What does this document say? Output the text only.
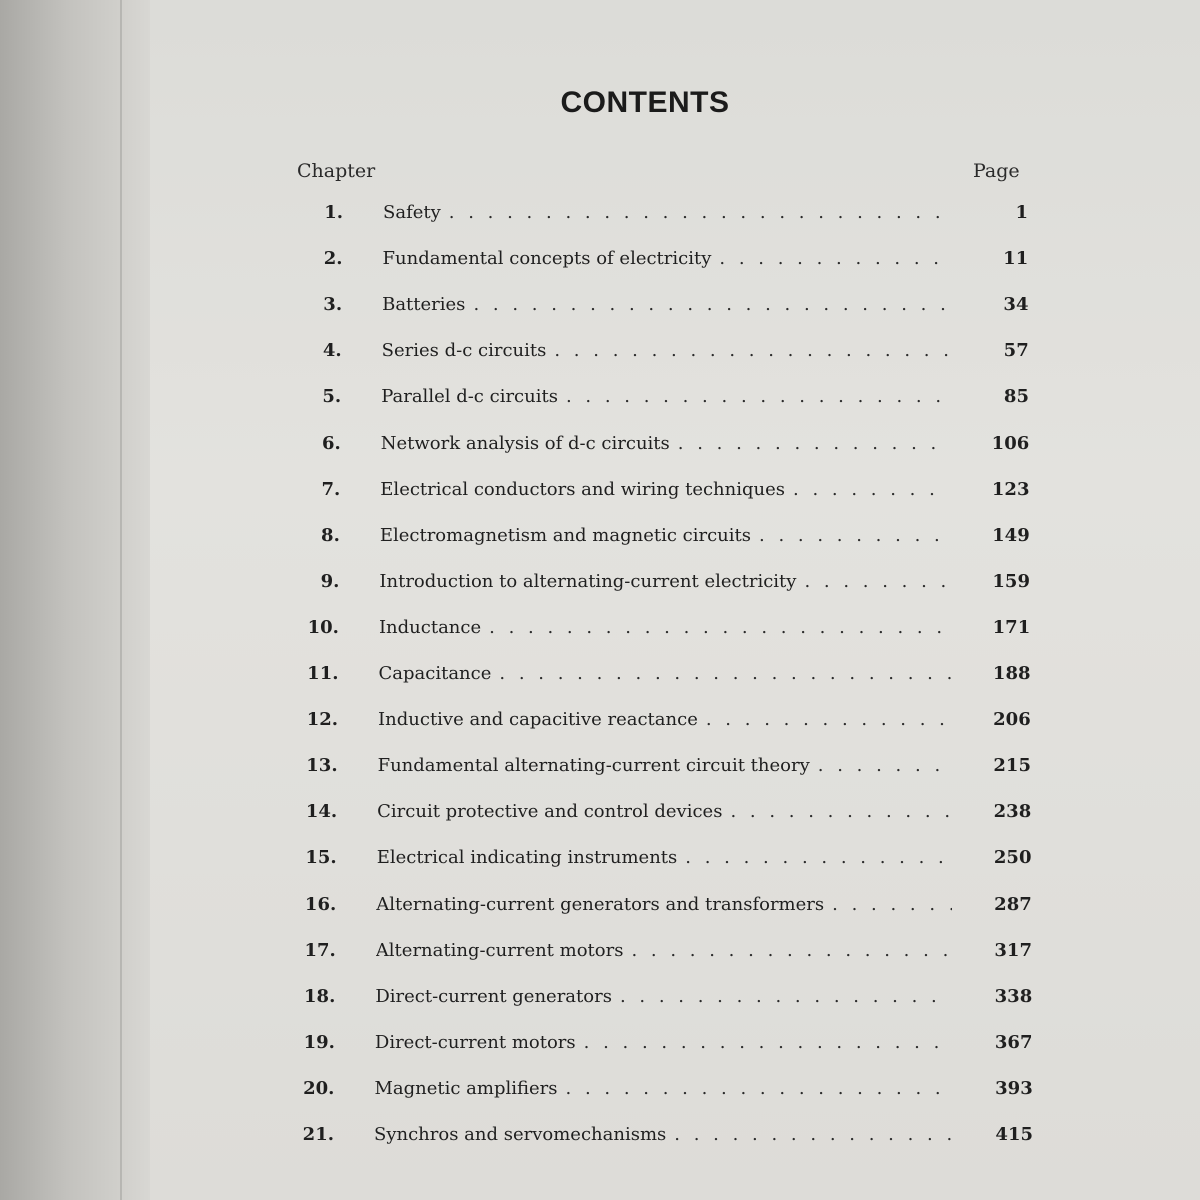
CONTENTS
Chapter	Page
1. Safety . . .	1
2. Fundamental concepts of electricity . . .	11
3. Batteries . . .	34
4. Series d-c circuits . . .	57
5. Parallel d-c circuits . . .	85
6. Network analysis of d-c circuits . . .	106
7. Electrical conductors and wiring techniques . . .	123
8. Electromagnetism and magnetic circuits . . .	149
9. Introduction to alternating-current electricity . . .	159
10. Inductance . . .	171
11. Capacitance . . .	188
12. Inductive and capacitive reactance . . .	206
13. Fundamental alternating-current circuit theory . . .	215
14. Circuit protective and control devices . . .	238
15. Electrical indicating instruments . . .	250
16. Alternating-current generators and transformers . . .	287
17. Alternating-current motors . . .	317
18. Direct-current generators . . .	338
19. Direct-current motors . . .	367
20. Magnetic amplifiers . . .	393
21. Synchros and servomechanisms . . .	415
